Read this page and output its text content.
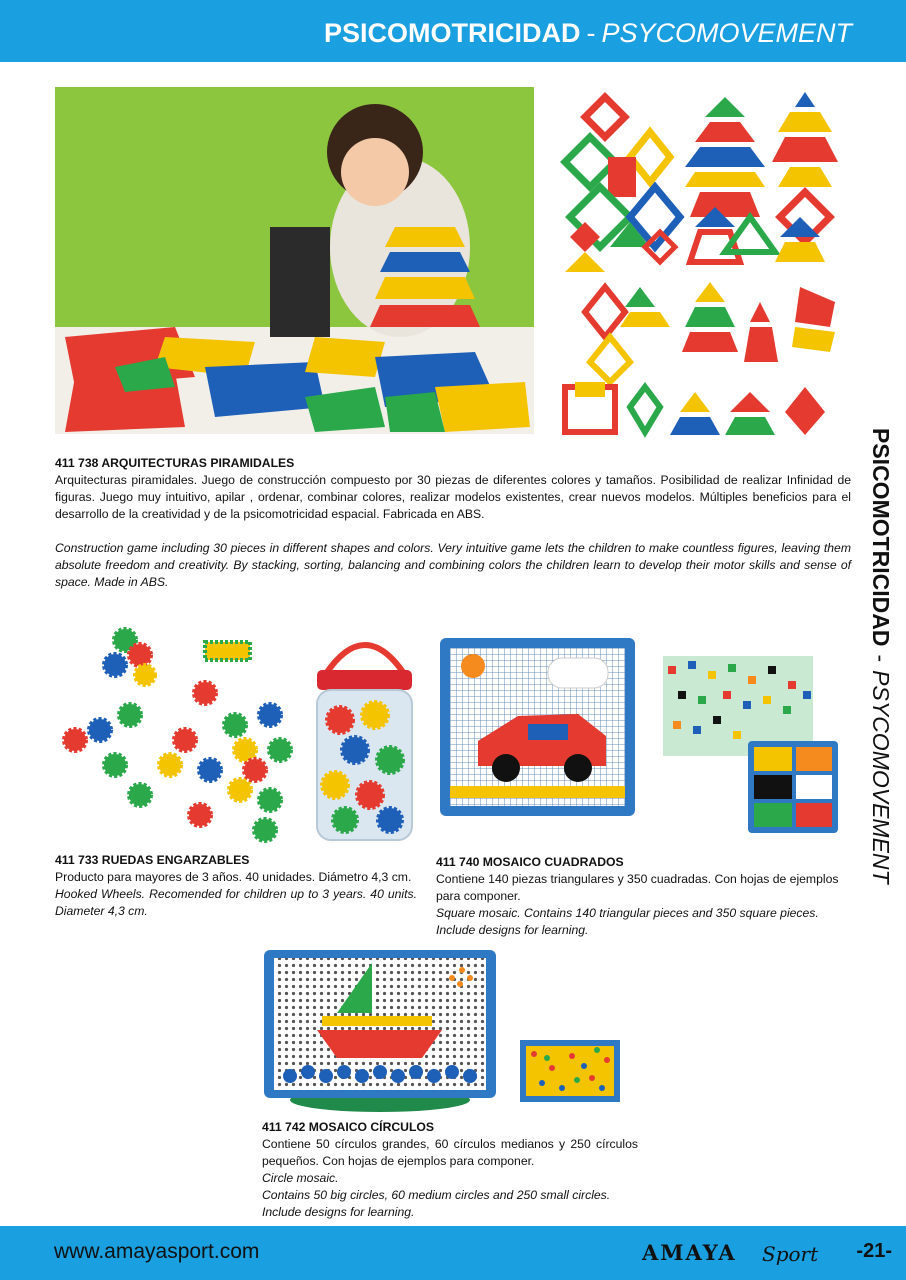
PSICOMOTRICIDAD - PSYCOMOVEMENT
PSICOMOTRICIDAD-PSYCOMOVEMENT

411 738 ARQUITECTURAS PIRAMIDALES

Arquitecturas piramidales. Juego de construcción compuesto por 30 piezas de diferentes colores y tamaños. Posibilidad de realizar Infinidad de figuras. Juego muy intuitivo, apilar , ordenar, combinar colores, realizar modelos existentes, crear nuevos modelos. Múltiples beneficios para el desarrollo de la creatividad y de la psicomotricidad espacial. Fabricada en ABS.

Construction game including 30 pieces in different shapes and colors. Very intuitive game lets the children to make countless figures, leaving them absolute freedom and creativity. By stacking, sorting, balancing and combining colors the children learn to develop their motor skills and sense of space. Made in ABS.

411 733 RUEDAS ENGARZABLES

Producto para mayores de 3 años. 40 unidades. Diámetro 4,3 cm.

Hooked Wheels. Recomended for children up to 3 years. 40 units. Diameter 4,3 cm.

411 740 MOSAICO CUADRADOS

Contiene 140 piezas triangulares y 350 cuadradas. Con hojas de ejemplos para componer.

Square mosaic. Contains 140 triangular pieces and 350 square pieces. Include designs for learning.

411 742 MOSAICO CÍRCULOS

Contiene 50 círculos grandes, 60 círculos medianos y 250 círculos pequeños. Con hojas de ejemplos para componer.

Circle mosaic.

Contains 50 big circles, 60 medium circles and 250 small circles. Include designs for learning.

www.amayasport.com	AMAYA Sport -21-
